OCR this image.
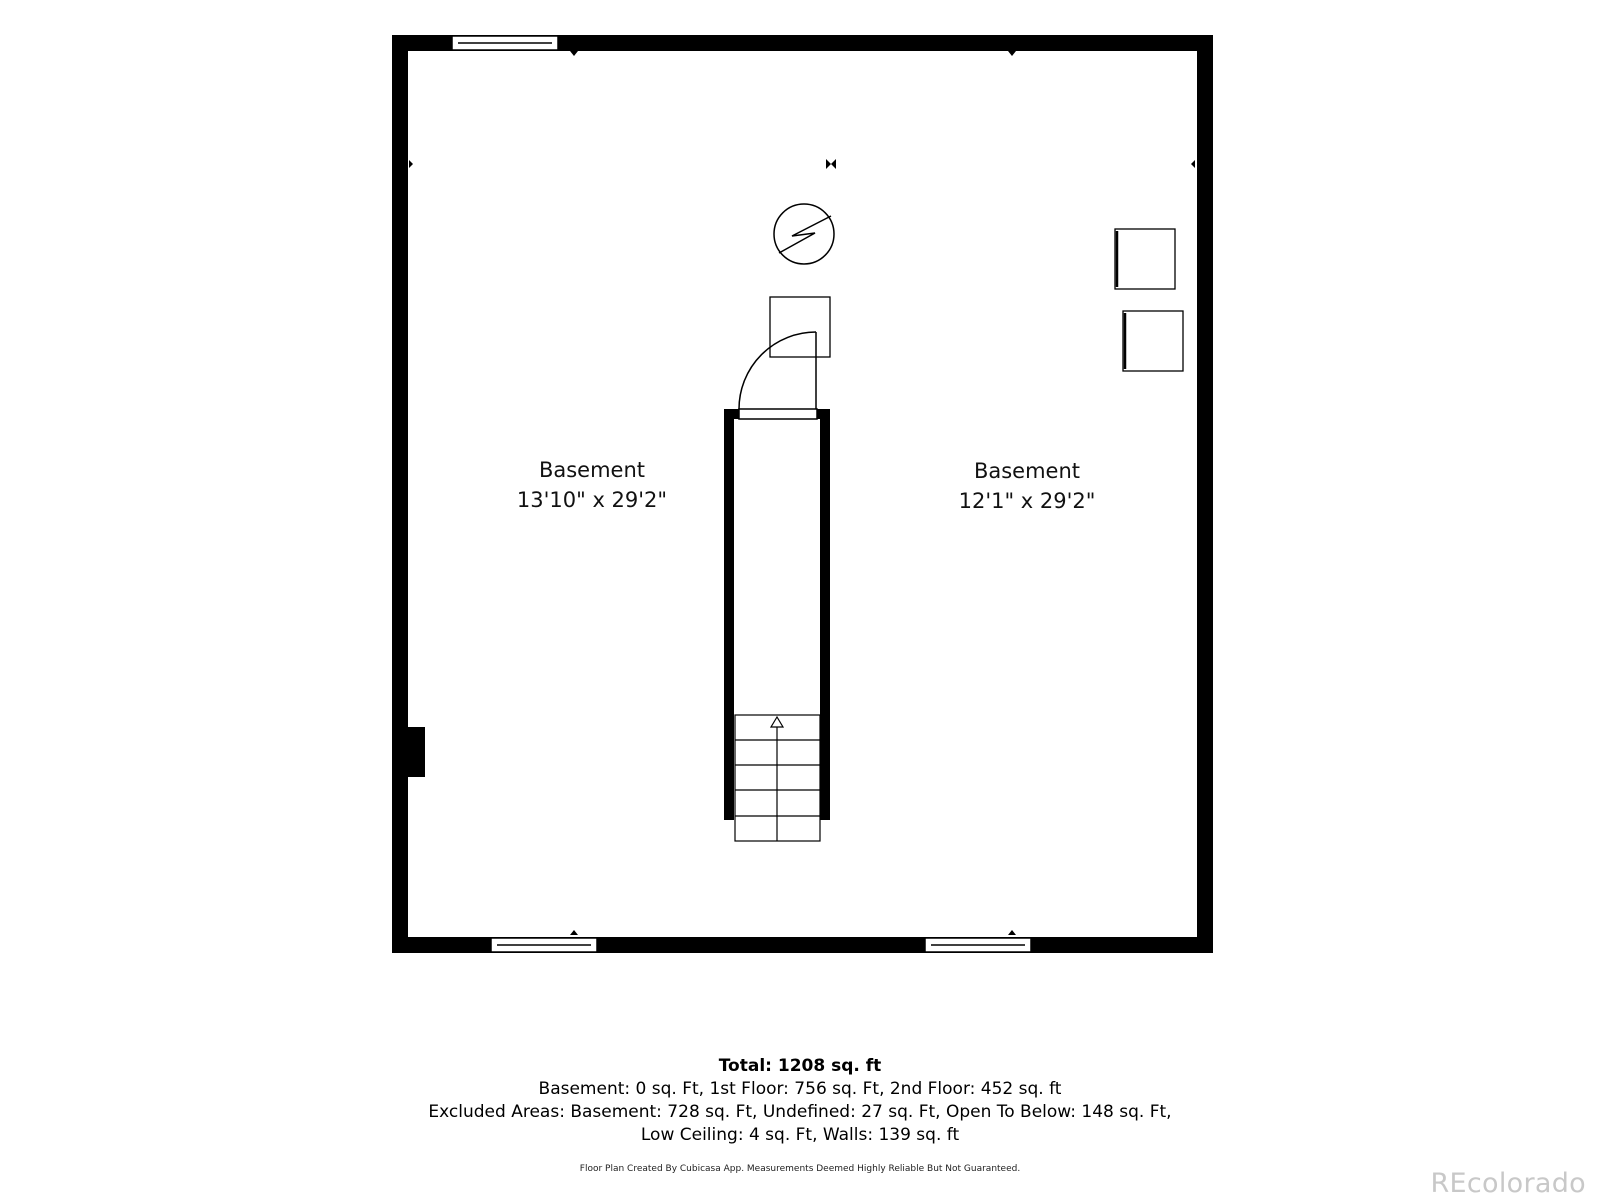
Basement
13'10" x 29'2"
Basement
12'1" x 29'2"
Total: 1208 sq. ft
Basement: 0 sq. Ft, 1st Floor: 756 sq. Ft, 2nd Floor: 452 sq. ft
Excluded Areas: Basement: 728 sq. Ft, Undefined: 27 sq. Ft, Open To Below: 148 sq. Ft,
Low Ceiling: 4 sq. Ft, Walls: 139 sq. ft
Floor Plan Created By Cubicasa App. Measurements Deemed Highly Reliable But Not Guaranteed.	REcolorado
